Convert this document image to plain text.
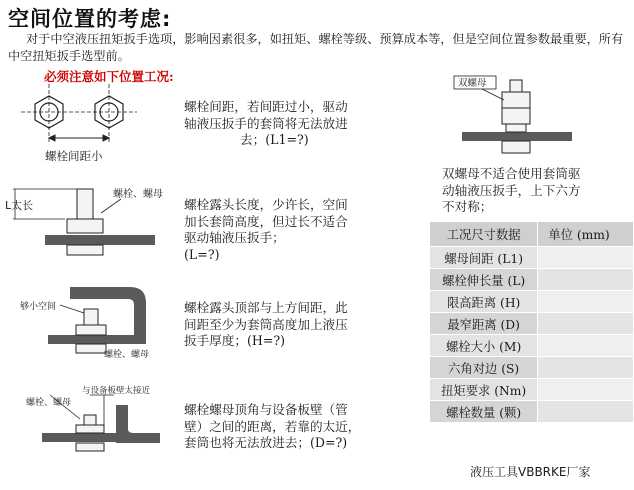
空间位置的考虑:
对于中空液压扭矩扳手选项，影响因素很多，如扭矩、螺栓等级、预算成本等，但是空间位置参数最重要，所有中空扭矩扳手选型前。
必须注意如下位置工况:
螺栓间距小
L太长
螺栓、螺母
够小空间
螺栓、螺母
螺栓、螺母
与设备板壁太接近
双螺母
螺栓间距，若间距过小，驱动
轴液压扳手的套筒将无法放进
去；(L1=?)
螺栓露头长度，少许长，空间
加长套筒高度，但过长不适合
驱动轴液压扳手；
(L=?)
螺栓露头顶部与上方间距，此
间距至少为套筒高度加上液压
扳手厚度；(H=?)
螺栓螺母顶角与设备板壁（管
壁）之间的距离，若靠的太近，
套筒也将无法放进去；(D=?)
双螺母不适合使用套筒驱
动轴液压扳手，上下六方
不对称；
工况尺寸数据	单位 (mm)
螺母间距 (L1)	
螺栓伸长量 (L)	
限高距离 (H)	
最窄距离 (D)	
螺栓大小 (M)	
六角对边 (S)	
扭矩要求 (Nm)	
螺栓数量 (颗)	
液压工具VBBRKE厂家
